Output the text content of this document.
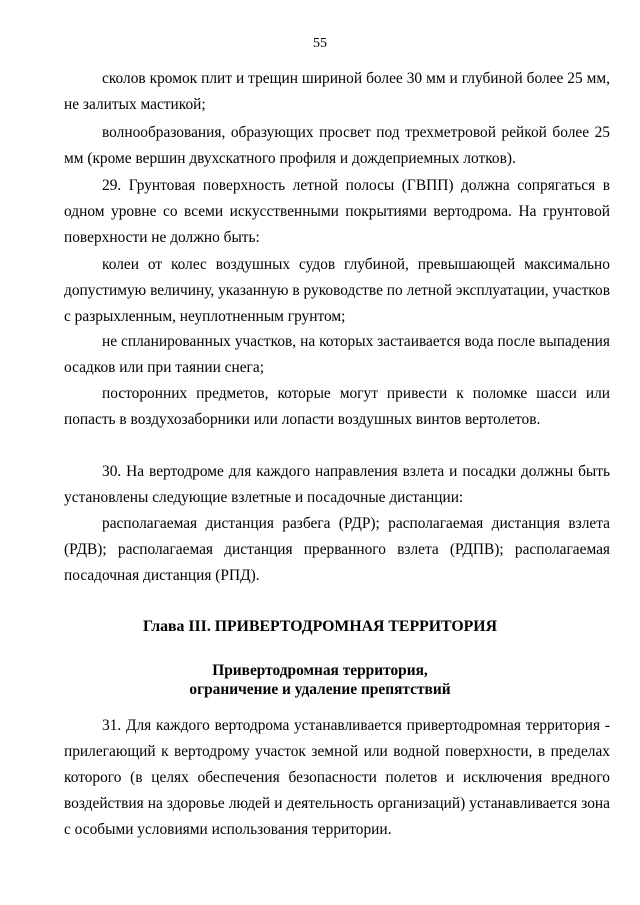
55

сколов кромок плит и трещин шириной более 30 мм и глубиной более 25 мм, не залитых мастикой;

волнообразования, образующих просвет под трехметровой рейкой более 25 мм (кроме вершин двухскатного профиля и дождеприемных лотков).

29. Грунтовая поверхность летной полосы (ГВПП) должна сопрягаться в одном уровне со всеми искусственными покрытиями вертодрома. На грунтовой поверхности не должно быть:

колеи от колес воздушных судов глубиной, превышающей максимально допустимую величину, указанную в руководстве по летной эксплуатации, участков с разрыхленным, неуплотненным грунтом;

не спланированных участков, на которых застаивается вода после выпадения осадков или при таянии снега;

посторонних предметов, которые могут привести к поломке шасси или попасть в воздухозаборники или лопасти воздушных винтов вертолетов.

30. На вертодроме для каждого направления взлета и посадки должны быть установлены следующие взлетные и посадочные дистанции:

располагаемая дистанция разбега (РДР); располагаемая дистанция взлета (РДВ); располагаемая дистанция прерванного взлета (РДПВ); располагаемая посадочная дистанция (РПД).

Глава III. ПРИВЕРТОДРОМНАЯ ТЕРРИТОРИЯ
Привертодромная территория,
ограничение и удаление препятствий

31. Для каждого вертодрома устанавливается привертодромная территория - прилегающий к вертодрому участок земной или водной поверхности, в пределах которого (в целях обеспечения безопасности полетов и исключения вредного воздействия на здоровье людей и деятельность организаций) устанавливается зона с особыми условиями использования территории.
